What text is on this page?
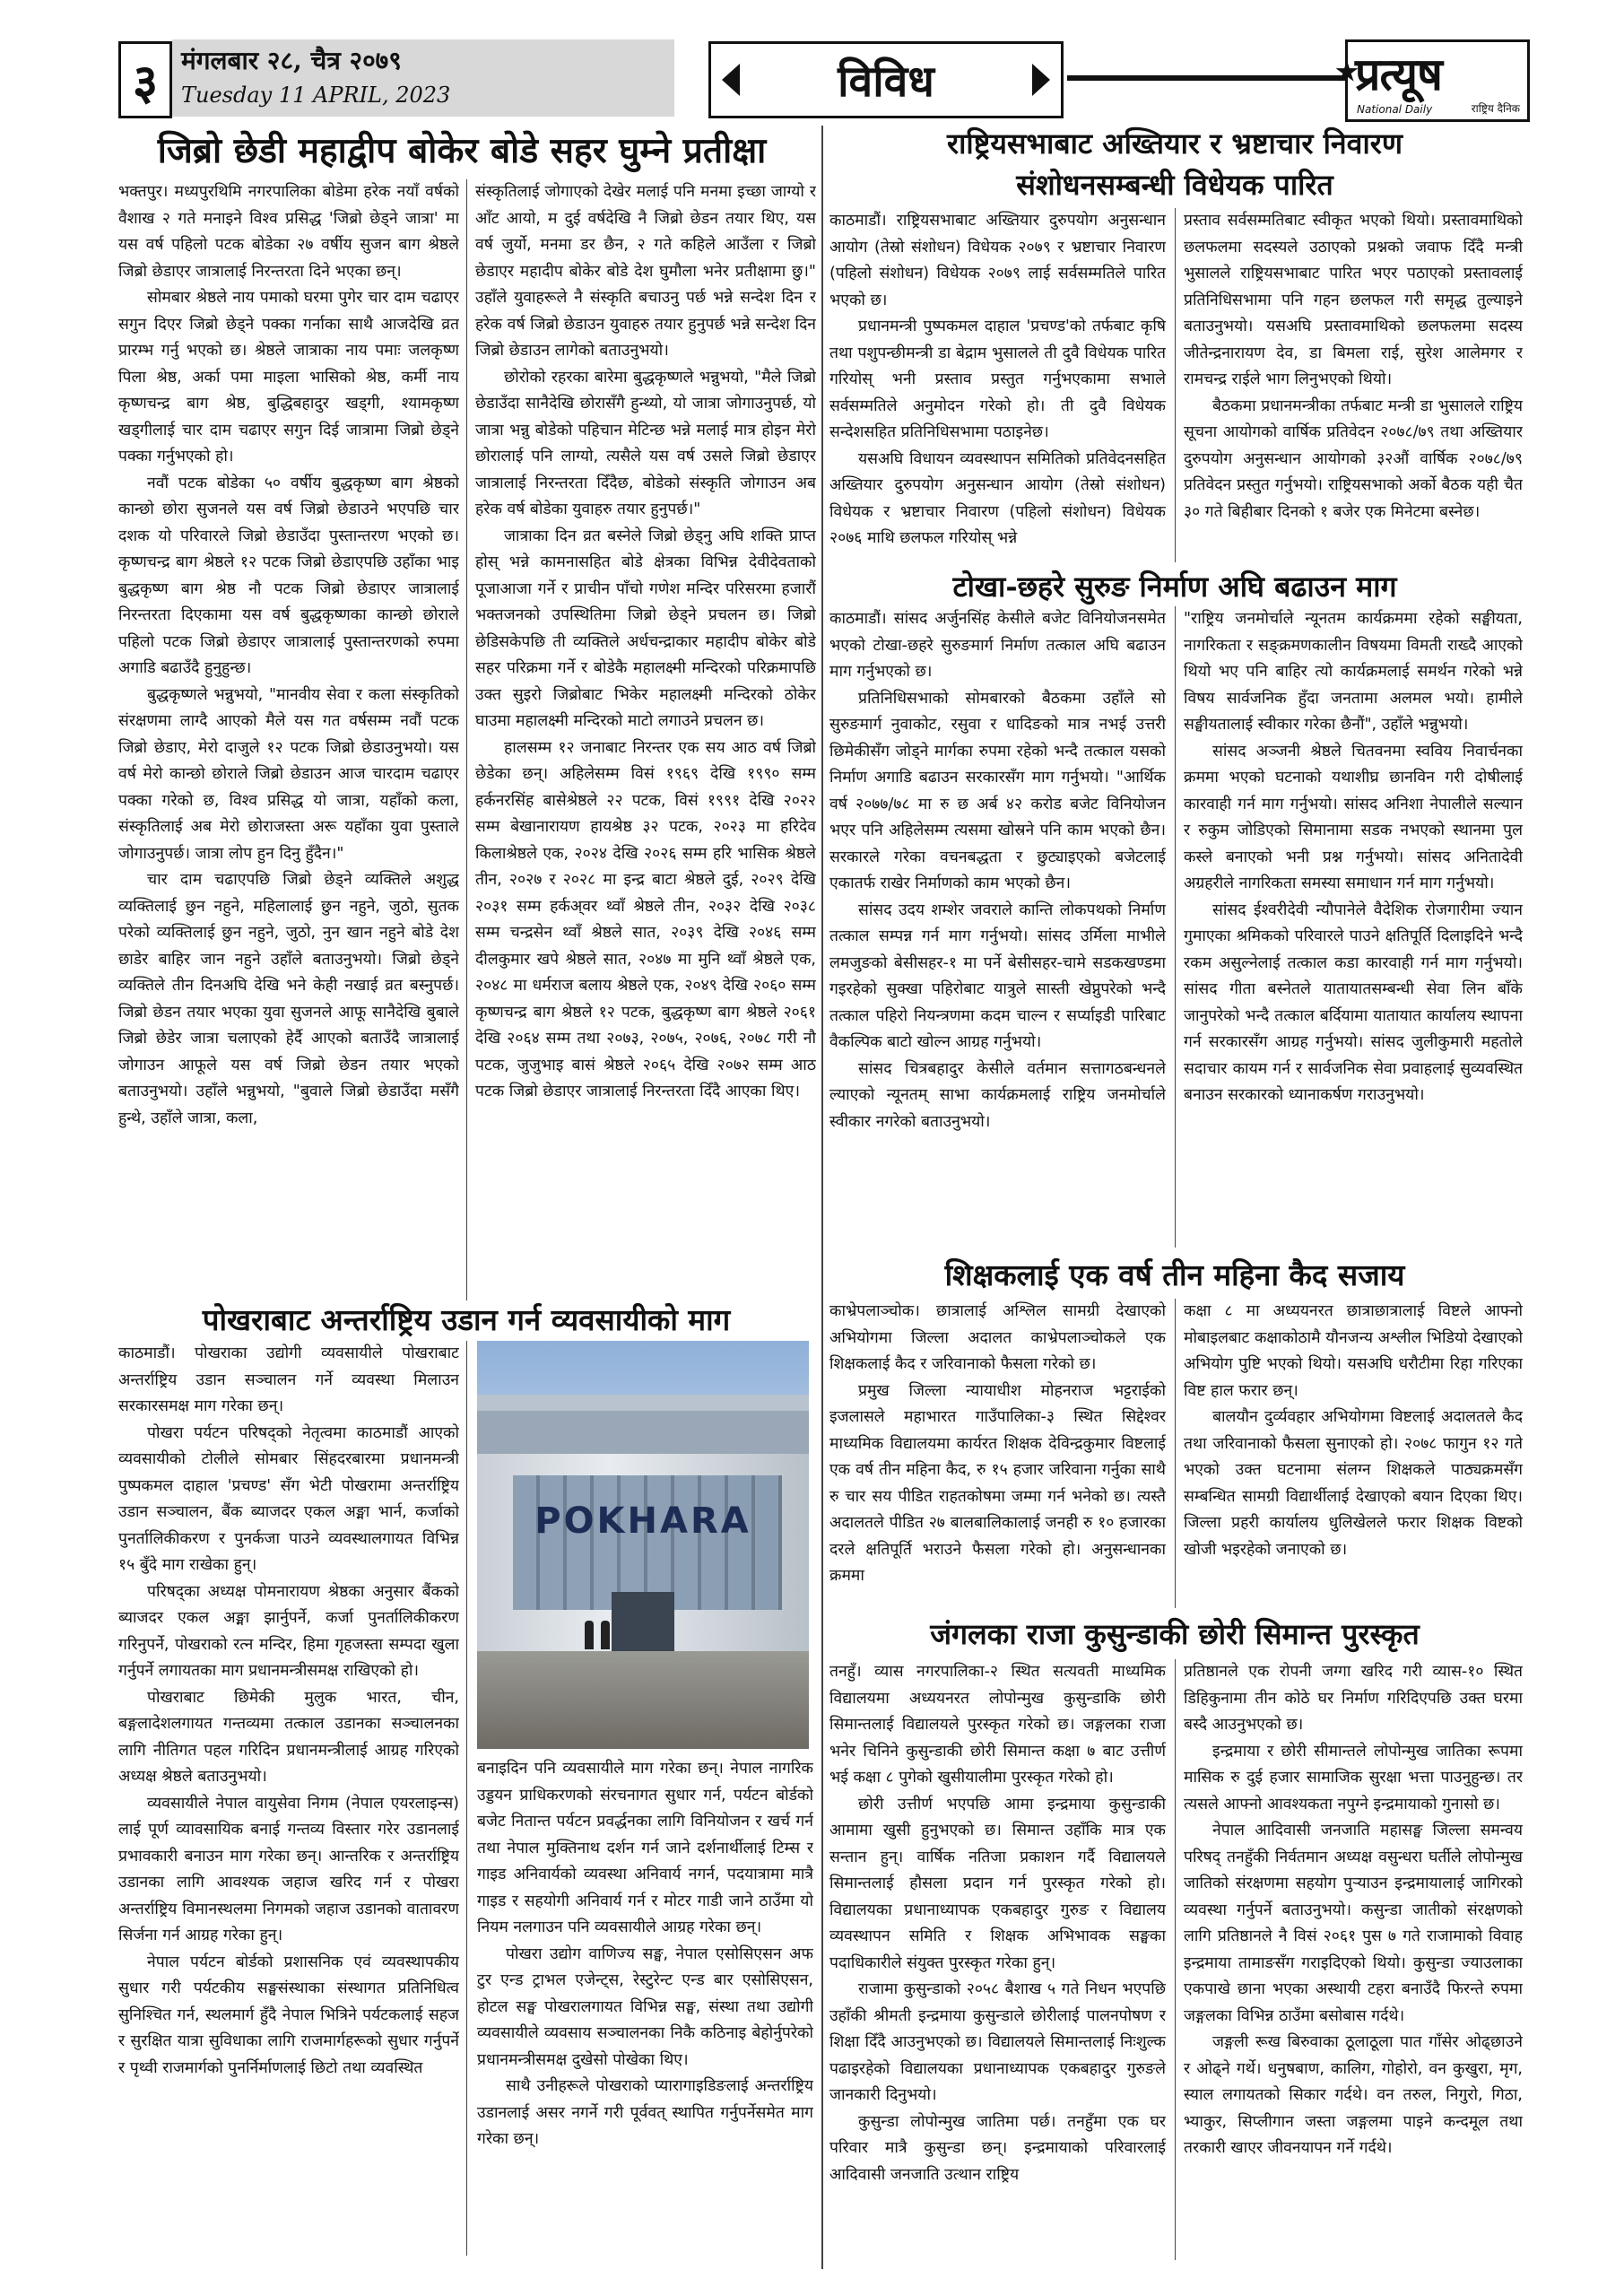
३ मंगलबार २८, चैत्र २०७९
Tuesday 11 APRIL, 2023	विविध	प्रत्यूष
National Daily	राष्ट्रिय दैनिक
जिब्रो छेडी महाद्वीप बोकेर बोडे सहर घुम्ने प्रतीक्षा

भक्तपुर। मध्यपुरथिमि नगरपालिका बोडेमा हरेक नयाँ वर्षको वैशाख २ गते मनाइने विश्व प्रसिद्ध 'जिब्रो छेड्ने जात्रा' मा यस वर्ष पहिलो पटक बोडेका २७ वर्षीय सुजन बाग श्रेष्ठले जिब्रो छेडाएर जात्रालाई निरन्तरता दिने भएका छन्।

सोमबार श्रेष्ठले नाय पमाको घरमा पुगेर चार दाम चढाएर सगुन दिएर जिब्रो छेड्ने पक्का गर्नाका साथै आजदेखि व्रत प्रारम्भ गर्नु भएको छ। श्रेष्ठले जात्राका नाय पमाः जलकृष्ण पिला श्रेष्ठ, अर्का पमा माइला भासिको श्रेष्ठ, कर्मी नाय कृष्णचन्द्र बाग श्रेष्ठ, बुद्धिबहादुर खड्गी, श्यामकृष्ण खड्गीलाई चार दाम चढाएर सगुन दिई जात्रामा जिब्रो छेड्ने पक्का गर्नुभएको हो।

नवौं पटक बोडेका ५० वर्षीय बुद्धकृष्ण बाग श्रेष्ठको कान्छो छोरा सुजनले यस वर्ष जिब्रो छेडाउने भएपछि चार दशक यो परिवारले जिब्रो छेडाउँदा पुस्तान्तरण भएको छ। कृष्णचन्द्र बाग श्रेष्ठले १२ पटक जिब्रो छेडाएपछि उहाँका भाइ बुद्धकृष्ण बाग श्रेष्ठ नौ पटक जिब्रो छेडाएर जात्रालाई निरन्तरता दिएकामा यस वर्ष बुद्धकृष्णका कान्छो छोराले पहिलो पटक जिब्रो छेडाएर जात्रालाई पुस्तान्तरणको रुपमा अगाडि बढाउँदै हुनुहुन्छ।

बुद्धकृष्णले भन्नुभयो, "मानवीय सेवा र कला संस्कृतिको संरक्षणमा लाग्दै आएको मैले यस गत वर्षसम्म नवौं पटक जिब्रो छेडाए, मेरो दाजुले १२ पटक जिब्रो छेडाउनुभयो। यस वर्ष मेरो कान्छो छोराले जिब्रो छेडाउन आज चारदाम चढाएर पक्का गरेको छ, विश्व प्रसिद्ध यो जात्रा, यहाँको कला, संस्कृतिलाई अब मेरो छोराजस्ता अरू यहाँका युवा पुस्ताले जोगाउनुपर्छ। जात्रा लोप हुन दिनु हुँदैन।"

चार दाम चढाएपछि जिब्रो छेड्ने व्यक्तिले अशुद्ध व्यक्तिलाई छुन नहुने, महिलालाई छुन नहुने, जुठो, सुतक परेको व्यक्तिलाई छुन नहुने, जुठो, नुन खान नहुने बोडे देश छाडेर बाहिर जान नहुने उहाँले बताउनुभयो। जिब्रो छेड्ने व्यक्तिले तीन दिनअघि देखि भने केही नखाई व्रत बस्नुपर्छ। जिब्रो छेडन तयार भएका युवा सुजनले आफू सानैदेखि बुबाले जिब्रो छेडेर जात्रा चलाएको हेर्दै आएको बताउँदै जात्रालाई जोगाउन आफूले यस वर्ष जिब्रो छेडन तयार भएको बताउनुभयो। उहाँले भन्नुभयो, "बुवाले जिब्रो छेडाउँदा मसँगै हुन्थे, उहाँले जात्रा, कला,

संस्कृतिलाई जोगाएको देखेर मलाई पनि मनमा इच्छा जाग्यो र आँट आयो, म दुई वर्षदेखि नै जिब्रो छेडन तयार थिए, यस वर्ष जुर्यो, मनमा डर छैन, २ गते कहिले आउँला र जिब्रो छेडाएर महादीप बोकेर बोडे देश घुमौला भनेर प्रतीक्षामा छु।" उहाँले युवाहरूले नै संस्कृति बचाउनु पर्छ भन्ने सन्देश दिन र हरेक वर्ष जिब्रो छेडाउन युवाहरु तयार हुनुपर्छ भन्ने सन्देश दिन जिब्रो छेडाउन लागेको बताउनुभयो।

छोरोको रहरका बारेमा बुद्धकृष्णले भन्नुभयो, "मैले जिब्रो छेडाउँदा सानैदेखि छोरासँगै हुन्थ्यो, यो जात्रा जोगाउनुपर्छ, यो जात्रा भन्नु बोडेको पहिचान मेटिन्छ भन्ने मलाई मात्र होइन मेरो छोरालाई पनि लाग्यो, त्यसैले यस वर्ष उसले जिब्रो छेडाएर जात्रालाई निरन्तरता दिँदैछ, बोडेको संस्कृति जोगाउन अब हरेक वर्ष बोडेका युवाहरु तयार हुनुपर्छ।"

जात्राका दिन व्रत बस्नेले जिब्रो छेड्नु अघि शक्ति प्राप्त होस् भन्ने कामनासहित बोडे क्षेत्रका विभिन्न देवीदेवताको पूजाआजा गर्ने र प्राचीन पाँचो गणेश मन्दिर परिसरमा हजारौं भक्तजनको उपस्थितिमा जिब्रो छेड्ने प्रचलन छ। जिब्रो छेडिसकेपछि ती व्यक्तिले अर्धचन्द्राकार महादीप बोकेर बोडे सहर परिक्रमा गर्ने र बोडेकै महालक्ष्मी मन्दिरको परिक्रमापछि उक्त सुइरो जिब्रोबाट भिकेर महालक्ष्मी मन्दिरको ठोकेर घाउमा महालक्ष्मी मन्दिरको माटो लगाउने प्रचलन छ।

हालसम्म १२ जनाबाट निरन्तर एक सय आठ वर्ष जिब्रो छेडेका छन्। अहिलेसम्म विसं १९६९ देखि १९९० सम्म हर्कनरसिंह बासेश्रेष्ठले २२ पटक, विसं १९९१ देखि २०२२ सम्म बेखानारायण हायश्रेष्ठ ३२ पटक, २०२३ मा हरिदेव किलाश्रेष्ठले एक, २०२४ देखि २०२६ सम्म हरि भासिक श्रेष्ठले तीन, २०२७ र २०२८ मा इन्द्र बाटा श्रेष्ठले दुई, २०२९ देखि २०३१ सम्म हर्कअ्वर थ्वाँ श्रेष्ठले तीन, २०३२ देखि २०३८ सम्म चन्द्रसेन थ्वाँ श्रेष्ठले सात, २०३९ देखि २०४६ सम्म दीलकुमार खपे श्रेष्ठले सात, २०४७ मा मुनि थ्वाँ श्रेष्ठले एक, २०४८ मा धर्मराज बलाय श्रेष्ठले एक, २०४९ देखि २०६० सम्म कृष्णचन्द्र बाग श्रेष्ठले १२ पटक, बुद्धकृष्ण बाग श्रेष्ठले २०६१ देखि २०६४ सम्म तथा २०७३, २०७५, २०७६, २०७८ गरी नौ पटक, जुजुभाइ बासं श्रेष्ठले २०६५ देखि २०७२ सम्म आठ पटक जिब्रो छेडाएर जात्रालाई निरन्तरता दिँदै आएका थिए।

पोखराबाट अन्तर्राष्ट्रिय उडान गर्न व्यवसायीको माग

काठमाडौं। पोखराका उद्योगी व्यवसायीले पोखराबाट अन्तर्राष्ट्रिय उडान सञ्चालन गर्ने व्यवस्था मिलाउन सरकारसमक्ष माग गरेका छन्।

पोखरा पर्यटन परिषद्को नेतृत्वमा काठमाडौं आएको व्यवसायीको टोलीले सोमबार सिंहदरबारमा प्रधानमन्त्री पुष्पकमल दाहाल 'प्रचण्ड' सँग भेटी पोखरामा अन्तर्राष्ट्रिय उडान सञ्चालन, बैंक ब्याजदर एकल अङ्मा भार्न, कर्जाको पुनर्तालिकीकरण र पुनर्कजा पाउने व्यवस्थालगायत विभिन्न १५ बुँदे माग राखेका हुन्।

परिषद्का अध्यक्ष पोमनारायण श्रेष्ठका अनुसार बैंकको ब्याजदर एकल अङ्मा झार्नुपर्ने, कर्जा पुनर्तालिकीकरण गरिनुपर्ने, पोखराको रत्न मन्दिर, हिमा गृहजस्ता सम्पदा खुला गर्नुपर्ने लगायतका माग प्रधानमन्त्रीसमक्ष राखिएको हो।

पोखराबाट छिमेकी मुलुक भारत, चीन, बङ्गलादेशलगायत गन्तव्यमा तत्काल उडानका सञ्चालनका लागि नीतिगत पहल गरिदिन प्रधानमन्त्रीलाई आग्रह गरिएको अध्यक्ष श्रेष्ठले बताउनुभयो।

व्यवसायीले नेपाल वायुसेवा निगम (नेपाल एयरलाइन्स) लाई पूर्ण व्यावसायिक बनाई गन्तव्य विस्तार गरेर उडानलाई प्रभावकारी बनाउन माग गरेका छन्। आन्तरिक र अन्तर्राष्ट्रिय उडानका लागि आवश्यक जहाज खरिद गर्न र पोखरा अन्तर्राष्ट्रिय विमानस्थलमा निगमको जहाज उडानको वातावरण सिर्जना गर्न आग्रह गरेका हुन्।

नेपाल पर्यटन बोर्डको प्रशासनिक एवं व्यवस्थापकीय सुधार गरी पर्यटकीय सङ्घसंस्थाका संस्थागत प्रतिनिधित्व सुनिश्चित गर्न, स्थलमार्ग हुँदै नेपाल भित्रिने पर्यटकलाई सहज र सुरक्षित यात्रा सुविधाका लागि राजमार्गहरूको सुधार गर्नुपर्ने र पृथ्वी राजमार्गको पुनर्निर्माणलाई छिटो तथा व्यवस्थित

POKHARA

बनाइदिन पनि व्यवसायीले माग गरेका छन्। नेपाल नागरिक उड्डयन प्राधिकरणको संरचनागत सुधार गर्न, पर्यटन बोर्डको बजेट नितान्त पर्यटन प्रवर्द्धनका लागि विनियोजन र खर्च गर्न तथा नेपाल मुक्तिनाथ दर्शन गर्न जाने दर्शनार्थीलाई टिम्स र गाइड अनिवार्यको व्यवस्था अनिवार्य नगर्न, पदयात्रामा मात्रै गाइड र सहयोगी अनिवार्य गर्न र मोटर गाडी जाने ठाउँमा यो नियम नलगाउन पनि व्यवसायीले आग्रह गरेका छन्।

पोखरा उद्योग वाणिज्य सङ्घ, नेपाल एसोसिएसन अफ टुर एन्ड ट्राभल एजेन्ट्स, रेस्टुरेन्ट एन्ड बार एसोसिएसन, होटल सङ्घ पोखरालगायत विभिन्न सङ्घ, संस्था तथा उद्योगी व्यवसायीले व्यवसाय सञ्चालनका निकै कठिनाइ बेहोर्नुपरेको प्रधानमन्त्रीसमक्ष दुखेसो पोखेका थिए।

साथै उनीहरूले पोखराको प्यारागाइडिङलाई अन्तर्राष्ट्रिय उडानलाई असर नगर्ने गरी पूर्ववत् स्थापित गर्नुपर्नेसमेत माग गरेका छन्।

राष्ट्रियसभाबाट अख्तियार र भ्रष्टाचार निवारण
संशोधनसम्बन्धी विधेयक पारित

काठमाडौं। राष्ट्रियसभाबाट अख्तियार दुरुपयोग अनुसन्धान आयोग (तेस्रो संशोधन) विधेयक २०७९ र भ्रष्टाचार निवारण (पहिलो संशोधन) विधेयक २०७९ लाई सर्वसम्मतिले पारित भएको छ।

प्रधानमन्त्री पुष्पकमल दाहाल 'प्रचण्ड'को तर्फबाट कृषि तथा पशुपन्छीमन्त्री डा बेद्राम भुसालले ती दुवै विधेयक पारित गरियोस् भनी प्रस्ताव प्रस्तुत गर्नुभएकामा सभाले सर्वसम्मतिले अनुमोदन गरेको हो। ती दुवै विधेयक सन्देशसहित प्रतिनिधिसभामा पठाइनेछ।

यसअघि विधायन व्यवस्थापन समितिको प्रतिवेदनसहित अख्तियार दुरुपयोग अनुसन्धान आयोग (तेस्रो संशोधन) विधेयक र भ्रष्टाचार निवारण (पहिलो संशोधन) विधेयक २०७६ माथि छलफल गरियोस् भन्ने

प्रस्ताव सर्वसम्मतिबाट स्वीकृत भएको थियो। प्रस्तावमाथिको छलफलमा सदस्यले उठाएको प्रश्नको जवाफ दिँदै मन्त्री भुसालले राष्ट्रियसभाबाट पारित भएर पठाएको प्रस्तावलाई प्रतिनिधिसभामा पनि गहन छलफल गरी समृद्ध तुल्याइने बताउनुभयो। यसअघि प्रस्तावमाथिको छलफलमा सदस्य जीतेन्द्रनारायण देव, डा बिमला राई, सुरेश आलेमगर र रामचन्द्र राईले भाग लिनुभएको थियो।

बैठकमा प्रधानमन्त्रीका तर्फबाट मन्त्री डा भुसालले राष्ट्रिय सूचना आयोगको वार्षिक प्रतिवेदन २०७८/७९ तथा अख्तियार दुरुपयोग अनुसन्धान आयोगको ३२औं वार्षिक २०७८/७९ प्रतिवेदन प्रस्तुत गर्नुभयो। राष्ट्रियसभाको अर्को बैठक यही चैत ३० गते बिहीबार दिनको १ बजेर एक मिनेटमा बस्नेछ।

टोखा-छहरे सुरुङ निर्माण अघि बढाउन माग

काठमाडौं। सांसद अर्जुनसिंह केसीले बजेट विनियोजनसमेत भएको टोखा-छहरे सुरुङमार्ग निर्माण तत्काल अघि बढाउन माग गर्नुभएको छ।

प्रतिनिधिसभाको सोमबारको बैठकमा उहाँले सो सुरुङमार्ग नुवाकोट, रसुवा र धादिङको मात्र नभई उत्तरी छिमेकीसँग जोड्ने मार्गका रुपमा रहेको भन्दै तत्काल यसको निर्माण अगाडि बढाउन सरकारसँग माग गर्नुभयो। "आर्थिक वर्ष २०७७/७८ मा रु छ अर्ब ४२ करोड बजेट विनियोजन भएर पनि अहिलेसम्म त्यसमा खोस्रने पनि काम भएको छैन। सरकारले गरेका वचनबद्धता र छुट्याइएको बजेटलाई एकातर्फ राखेर निर्माणको काम भएको छैन।

सांसद उदय शम्शेर जवराले कान्ति लोकपथको निर्माण तत्काल सम्पन्न गर्न माग गर्नुभयो। सांसद उर्मिला माभीले लमजुङको बेसीसहर-१ मा पर्ने बेसीसहर-चामे सडकखण्डमा गइरहेको सुक्खा पहिरोबाट यात्रुले सास्ती खेप्नुपरेको भन्दै तत्काल पहिरो नियन्त्रणमा कदम चाल्न र सर्प्याइडी पारिबाट वैकल्पिक बाटो खोल्न आग्रह गर्नुभयो।

सांसद चित्रबहादुर केसीले वर्तमान सत्तागठबन्धनले ल्याएको न्यूनतम् साभा कार्यक्रमलाई राष्ट्रिय जनमोर्चाले स्वीकार नगरेको बताउनुभयो।

"राष्ट्रिय जनमोर्चाले न्यूनतम कार्यक्रममा रहेको सङ्घीयता, नागरिकता र सङ्क्रमणकालीन विषयमा विमती राख्दै आएको थियो भए पनि बाहिर त्यो कार्यक्रमलाई समर्थन गरेको भन्ने विषय सार्वजनिक हुँदा जनतामा अलमल भयो। हामीले सङ्घीयतालाई स्वीकार गरेका छैनौं", उहाँले भन्नुभयो।

सांसद अञ्जनी श्रेष्ठले चितवनमा स्वविय निवार्चनका क्रममा भएको घटनाको यथाशीघ्र छानविन गरी दोषीलाई कारवाही गर्न माग गर्नुभयो। सांसद अनिशा नेपालीले सल्यान र रुकुम जोडिएको सिमानामा सडक नभएको स्थानमा पुल कस्ले बनाएको भनी प्रश्न गर्नुभयो। सांसद अनितादेवी अग्रहरीले नागरिकता समस्या समाधान गर्न माग गर्नुभयो।

सांसद ईश्वरीदेवी न्यौपानेले वैदेशिक रोजगारीमा ज्यान गुमाएका श्रमिकको परिवारले पाउने क्षतिपूर्ति दिलाइदिने भन्दै रकम असुल्नेलाई तत्काल कडा कारवाही गर्न माग गर्नुभयो। सांसद गीता बस्नेतले यातायातसम्बन्धी सेवा लिन बाँके जानुपरेको भन्दै तत्काल बर्दियामा यातायात कार्यालय स्थापना गर्न सरकारसँग आग्रह गर्नुभयो। सांसद जुलीकुमारी महतोले सदाचार कायम गर्न र सार्वजनिक सेवा प्रवाहलाई सुव्यवस्थित बनाउन सरकारको ध्यानाकर्षण गराउनुभयो।

शिक्षकलाई एक वर्ष तीन महिना कैद सजाय

काभ्रेपलाञ्चोक। छात्रालाई अश्लिल सामग्री देखाएको अभियोगमा जिल्ला अदालत काभ्रेपलाञ्चोकले एक शिक्षकलाई कैद र जरिवानाको फैसला गरेको छ।

प्रमुख जिल्ला न्यायाधीश मोहनराज भट्टराईको इजलासले महाभारत गाउँपालिका-३ स्थित सिद्देश्वर माध्यमिक विद्यालयमा कार्यरत शिक्षक देविन्द्रकुमार विष्टलाई एक वर्ष तीन महिना कैद, रु १५ हजार जरिवाना गर्नुका साथै रु चार सय पीडित राहतकोषमा जम्मा गर्न भनेको छ। त्यस्तै अदालतले पीडित २७ बालबालिकालाई जनही रु १० हजारका दरले क्षतिपूर्ति भराउने फैसला गरेको हो। अनुसन्धानका क्रममा

कक्षा ८ मा अध्ययनरत छात्राछात्रालाई विष्टले आफ्नो मोबाइलबाट कक्षाकोठामै यौनजन्य अश्लील भिडियो देखाएको अभियोग पुष्टि भएको थियो। यसअघि धरौटीमा रिहा गरिएका विष्ट हाल फरार छन्।

बालयौन दुर्व्यवहार अभियोगमा विष्टलाई अदालतले कैद तथा जरिवानाको फैसला सुनाएको हो। २०७८ फागुन १२ गते भएको उक्त घटनामा संलग्न शिक्षकले पाठ्यक्रमसँग सम्बन्धित सामग्री विद्यार्थीलाई देखाएको बयान दिएका थिए। जिल्ला प्रहरी कार्यालय धुलिखेलले फरार शिक्षक विष्टको खोजी भइरहेको जनाएको छ।

जंगलका राजा कुसुन्डाकी छोरी सिमान्त पुरस्कृत

तनहुँ। व्यास नगरपालिका-२ स्थित सत्यवती माध्यमिक विद्यालयमा अध्ययनरत लोपोन्मुख कुसुन्डाकि छोरी सिमान्तलाई विद्यालयले पुरस्कृत गरेको छ। जङ्गलका राजा भनेर चिनिने कुसुन्डाकी छोरी सिमान्त कक्षा ७ बाट उत्तीर्ण भई कक्षा ८ पुगेको खुसीयालीमा पुरस्कृत गरेको हो।

छोरी उत्तीर्ण भएपछि आमा इन्द्रमाया कुसुन्डाकी आमामा खुसी हुनुभएको छ। सिमान्त उहाँकि मात्र एक सन्तान हुन्। वार्षिक नतिजा प्रकाशन गर्दै विद्यालयले सिमान्तलाई हौसला प्रदान गर्न पुरस्कृत गरेको हो। विद्यालयका प्रधानाध्यापक एकबहादुर गुरुङ र विद्यालय व्यवस्थापन समिति र शिक्षक अभिभावक सङ्घका पदाधिकारीले संयुक्त पुरस्कृत गरेका हुन्।

राजामा कुसुन्डाको २०५८ बैशाख ५ गते निधन भएपछि उहाँकी श्रीमती इन्द्रमाया कुसुन्डाले छोरीलाई पालनपोषण र शिक्षा दिँदै आउनुभएको छ। विद्यालयले सिमान्तलाई निःशुल्क पढाइरहेको विद्यालयका प्रधानाध्यापक एकबहादुर गुरुङले जानकारी दिनुभयो।

कुसुन्डा लोपोन्मुख जातिमा पर्छ। तनहुँमा एक घर परिवार मात्रै कुसुन्डा छन्। इन्द्रमायाको परिवारलाई आदिवासी जनजाति उत्थान राष्ट्रिय

प्रतिष्ठानले एक रोपनी जग्गा खरिद गरी व्यास-१० स्थित डिहिकुनामा तीन कोठे घर निर्माण गरिदिएपछि उक्त घरमा बस्दै आउनुभएको छ।

इन्द्रमाया र छोरी सीमान्तले लोपोन्मुख जातिका रूपमा मासिक रु दुई हजार सामाजिक सुरक्षा भत्ता पाउनुहुन्छ। तर त्यसले आफ्नो आवश्यकता नपुग्ने इन्द्रमायाको गुनासो छ।

नेपाल आदिवासी जनजाति महासङ्घ जिल्ला समन्वय परिषद् तनहुँकी निर्वतमान अध्यक्ष वसुन्धरा घर्तीले लोपोन्मुख जातिको संरक्षणमा सहयोग पुऱ्याउन इन्द्रमायालाई जागिरको व्यवस्था गर्नुपर्ने बताउनुभयो। कसुन्डा जातीको संरक्षणको लागि प्रतिष्ठानले नै विसं २०६१ पुस ७ गते राजामाको विवाह इन्द्रमाया तामाङसँग गराइदिएको थियो। कुसुन्डा ज्याउलाका एकपाखे छाना भएका अस्थायी टहरा बनाउँदै फिरन्ते रुपमा जङ्गलका विभिन्न ठाउँमा बसोबास गर्दथे।

जङ्गली रूख बिरुवाका ठूलाठूला पात गाँसेर ओढ्छाउने र ओढ्ने गर्थे। धनुषबाण, कालिग, गोहोरो, वन कुखुरा, मृग, स्याल लगायतको सिकार गर्दथे। वन तरुल, निगुरो, गिठा, भ्याकुर, सिप्लीगान जस्ता जङ्गलमा पाइने कन्दमूल तथा तरकारी खाएर जीवनयापन गर्ने गर्दथे।
